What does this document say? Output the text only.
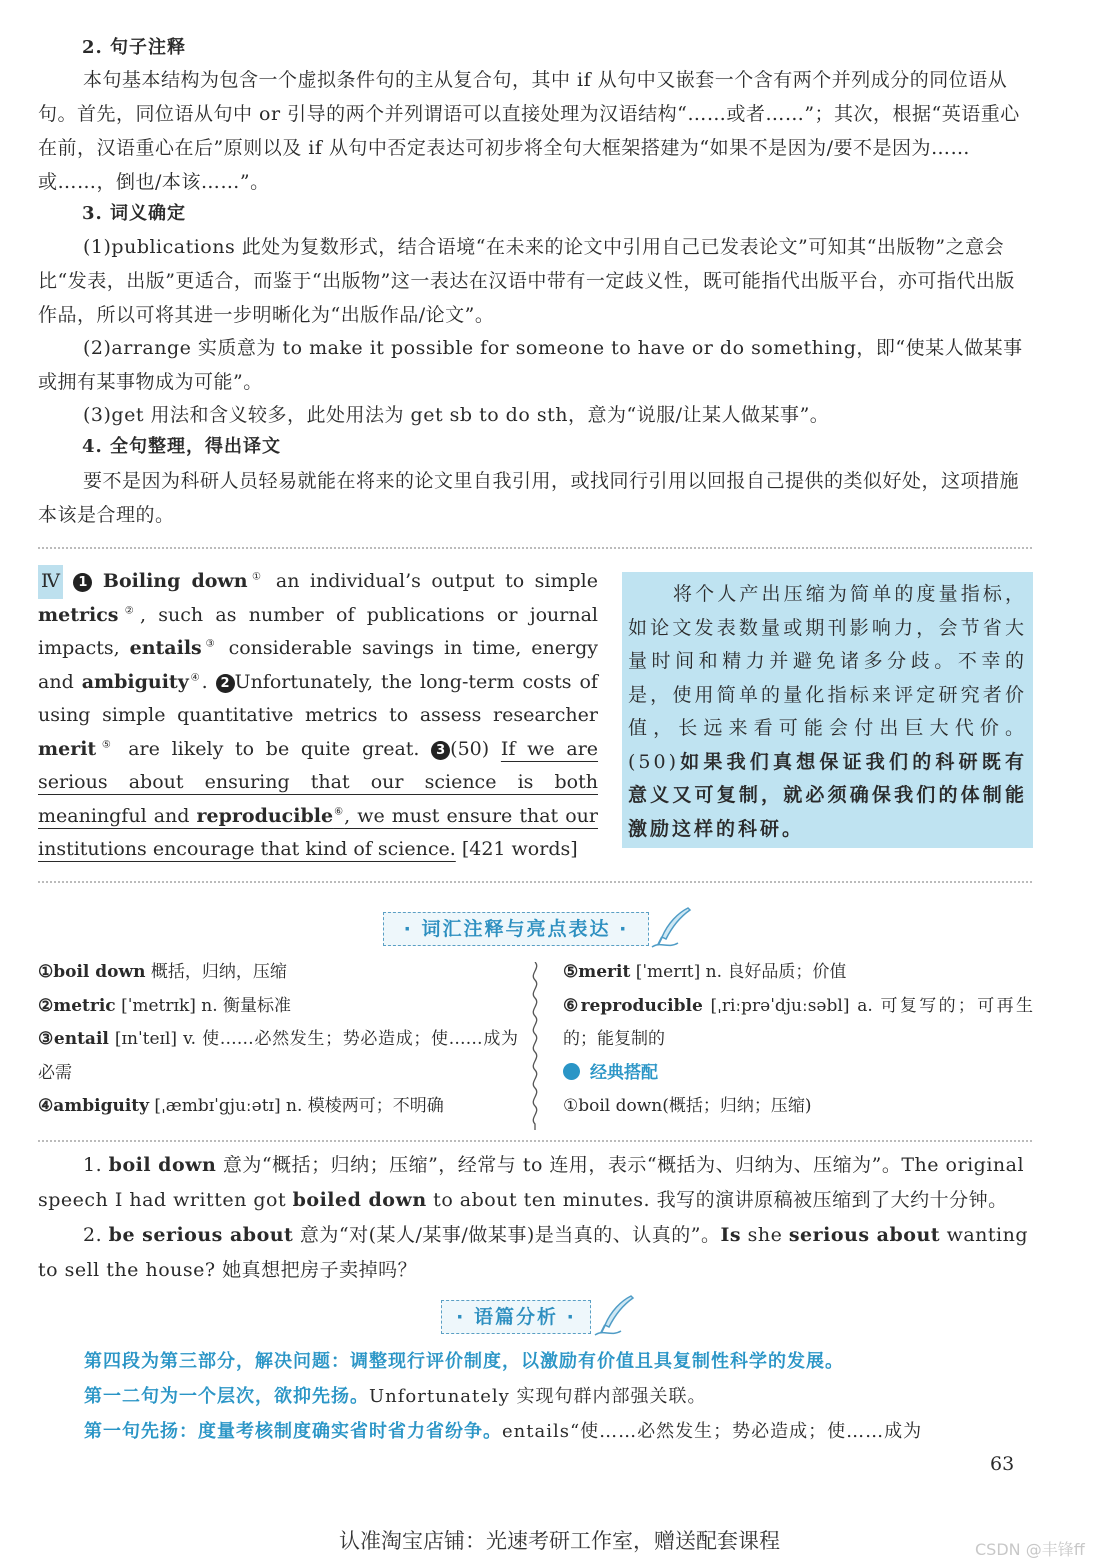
2. 句子注释
本句基本结构为包含一个虚拟条件句的主从复合句，其中 if 从句中又嵌套一个含有两个并列成分的同位语从句。首先，同位语从句中 or 引导的两个并列谓语可以直接处理为汉语结构“……或者……”；其次，根据“英语重心在前，汉语重心在后”原则以及 if 从句中否定表达可初步将全句大框架搭建为“如果不是因为/要不是因为……或……，倒也/本该……”。
3. 词义确定
(1)publications 此处为复数形式，结合语境“在未来的论文中引用自己已发表论文”可知其“出版物”之意会比“发表，出版”更适合，而鉴于“出版物”这一表达在汉语中带有一定歧义性，既可能指代出版平台，亦可指代出版作品，所以可将其进一步明晰化为“出版作品/论文”。
(2)arrange 实质意为 to make it possible for someone to have or do something，即“使某人做某事或拥有某事物成为可能”。
(3)get 用法和含义较多，此处用法为 get sb to do sth，意为“说服/让某人做某事”。
4. 全句整理，得出译文
要不是因为科研人员轻易就能在将来的论文里自我引用，或找同行引用以回报自己提供的类似好处，这项措施本该是合理的。
Ⅳ 1 Boiling down① an individual’s output to simple metrics②, such as number of publications or journal impacts, entails③ considerable savings in time, energy and ambiguity④. 2 Unfortunately, the long-term costs of using simple quantitative metrics to assess researcher merit⑤ are likely to be quite great. 3 (50) If we are serious about ensuring that our science is both meaningful and reproducible⑥, we must ensure that our institutions encourage that kind of science. [421 words]
将个人产出压缩为简单的度量指标，如论文发表数量或期刊影响力，会节省大量时间和精力并避免诸多分歧。不幸的是，使用简单的量化指标来评定研究者价值，长远来看可能会付出巨大代价。(50)如果我们真想保证我们的科研既有意义又可复制，就必须确保我们的体制能激励这样的科研。
· 词汇注释与亮点表达 ·
①boil down 概括，归纳，压缩
②metric [ˈmetrɪk] n. 衡量标准
③entail [ɪnˈteɪl] v. 使……必然发生；势必造成；使……成为必需
④ambiguity [ˌæmbɪˈgjuːətɪ] n. 模棱两可；不明确
⑤merit [ˈmerɪt] n. 良好品质；价值
⑥reproducible [ˌriːprəˈdjuːsəbl] a. 可复写的；可再生的；能复制的
经典搭配
①boil down(概括；归纳；压缩)
1. boil down 意为“概括；归纳；压缩”，经常与 to 连用，表示“概括为、归纳为、压缩为”。The original speech I had written got boiled down to about ten minutes. 我写的演讲原稿被压缩到了大约十分钟。
2. be serious about 意为“对(某人/某事/做某事)是当真的、认真的”。Is she serious about wanting to sell the house? 她真想把房子卖掉吗？
· 语篇分析 ·
第四段为第三部分，解决问题：调整现行评价制度，以激励有价值且具复制性科学的发展。
第一二句为一个层次，欲抑先扬。Unfortunately 实现句群内部强关联。
第一句先扬：度量考核制度确实省时省力省纷争。entails“使……必然发生；势必造成；使……成为
63
认准淘宝店铺：光速考研工作室，赠送配套课程	CSDN @丰锋ff
